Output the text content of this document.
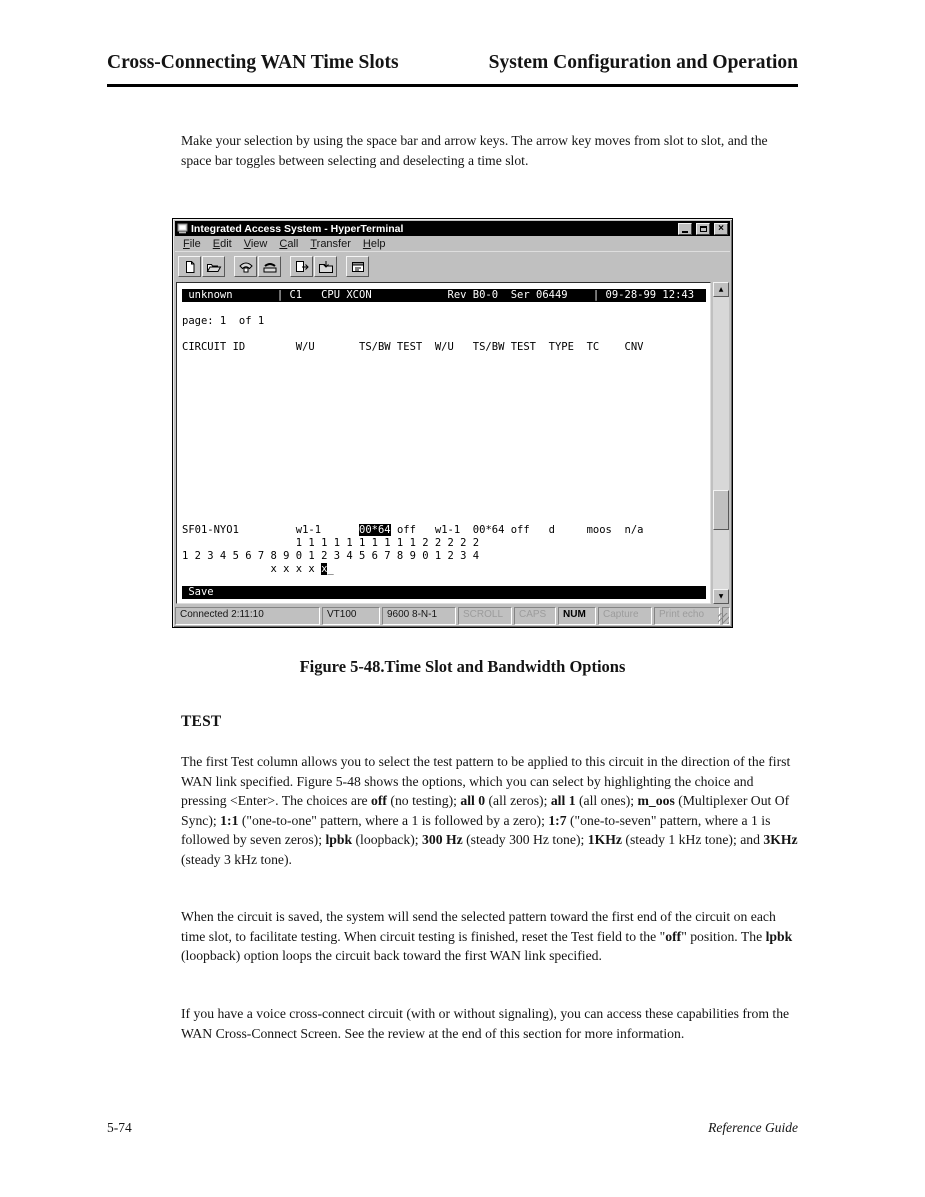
Cross-Connecting WAN Time Slots	System Configuration and Operation

Make your selection by using the space bar and arrow keys. The arrow key moves from slot to slot, and the space bar toggles between selecting and deselecting a time slot.

Integrated Access System - HyperTerminal	×
File	Edit	View	Call	Transfer	Help
unknown       | C1   CPU XCON            Rev B0-0  Ser 06449    | 09-28-99 12:43
page: 1  of 1
CIRCUIT ID        W/U       TS/BW TEST  W/U   TS/BW TEST  TYPE  TC    CNV
SF01-NYO1         w1-1      00*64 off   w1-1  00*64 off   d     moos  n/a
1 1 1 1 1 1 1 1 1 1 2 2 2 2 2
1 2 3 4 5 6 7 8 9 0 1 2 3 4 5 6 7 8 9 0 1 2 3 4
x x x x x_
Save
▲
▼
Connected 2:11:10	VT100	9600 8-N-1	SCROLL	CAPS	NUM	Capture	Print echo
Figure 5-48.Time Slot and Bandwidth Options
TEST

The first Test column allows you to select the test pattern to be applied to this circuit in the direction of the first WAN link specified. Figure 5-48 shows the options, which you can select by highlighting the choice and pressing <Enter>. The choices are off (no testing); all 0 (all zeros); all 1 (all ones); m_oos (Multiplexer Out Of Sync); 1:1 ("one-to-one" pattern, where a 1 is followed by a zero); 1:7 ("one-to-seven" pattern, where a 1 is followed by seven zeros); lpbk (loopback); 300 Hz (steady 300 Hz tone); 1KHz (steady 1 kHz tone); and 3KHz (steady 3 kHz tone).

When the circuit is saved, the system will send the selected pattern toward the first end of the circuit on each time slot, to facilitate testing. When circuit testing is finished, reset the Test field to the "off" position. The lpbk (loopback) option loops the circuit back toward the first WAN link specified.

If you have a voice cross-connect circuit (with or without signaling), you can access these capabilities from the WAN Cross-Connect Screen. See the review at the end of this section for more information.

5-74	Reference Guide
